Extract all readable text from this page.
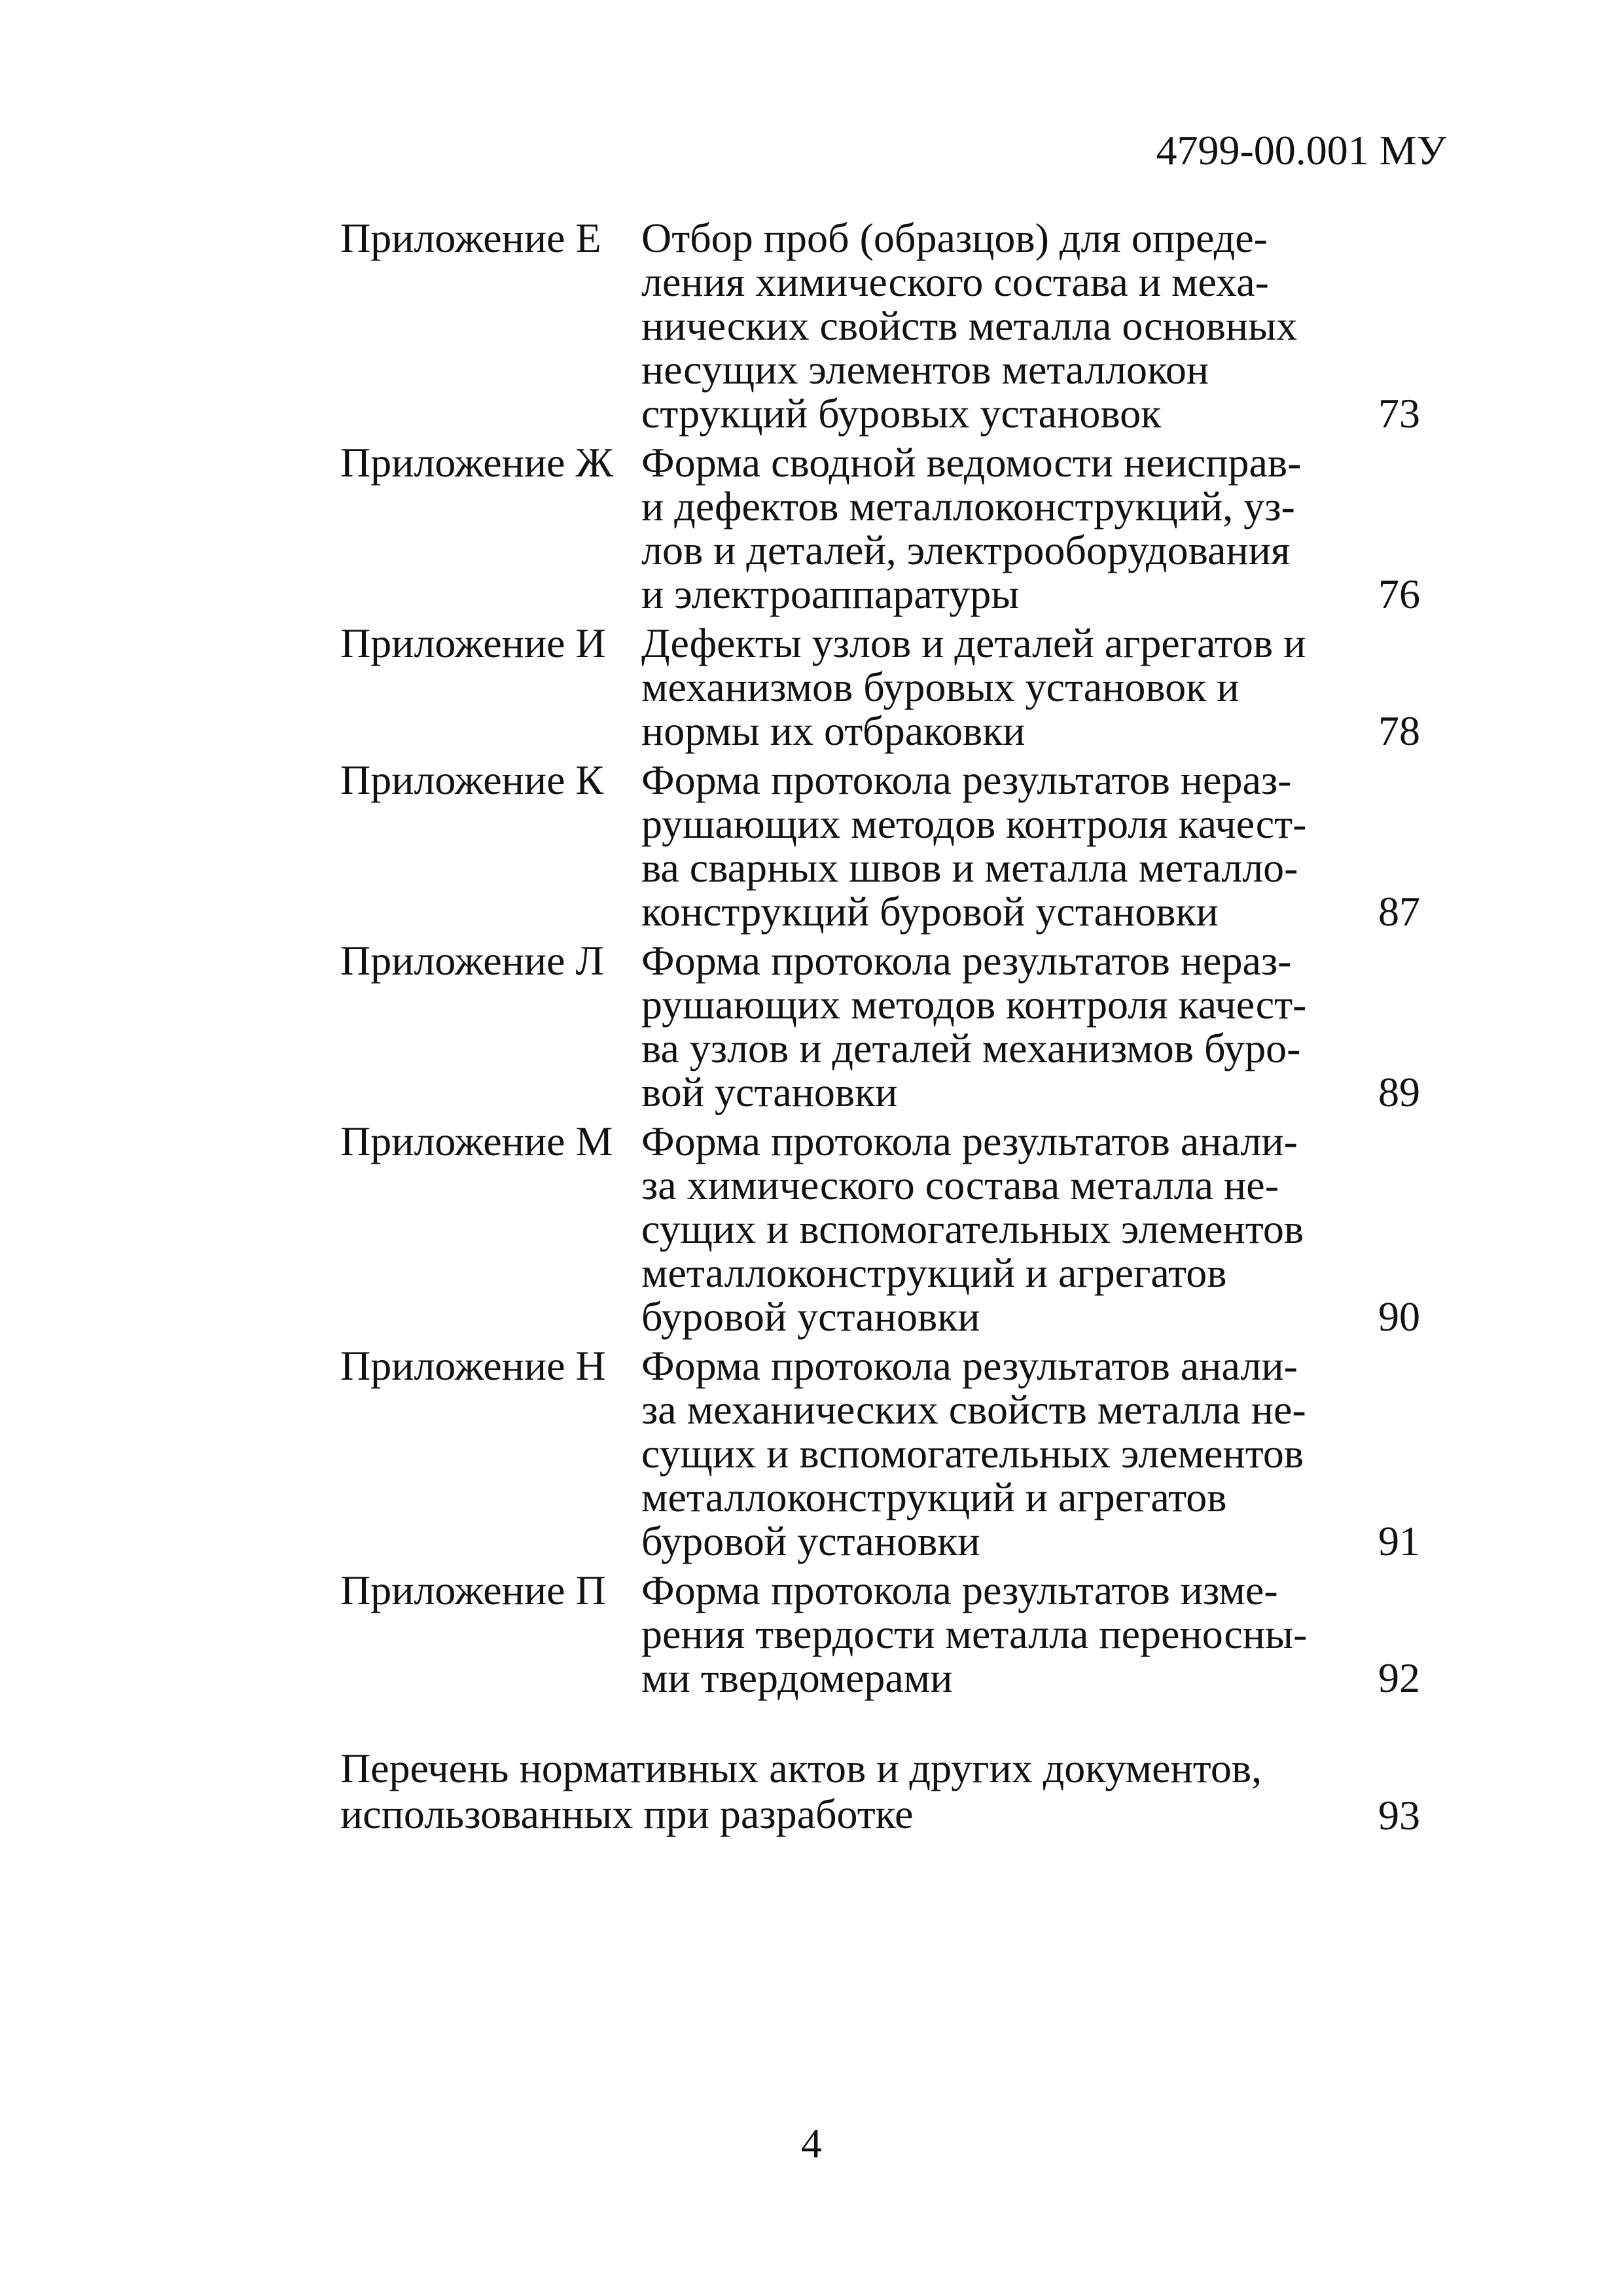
4799-00.001 МУ
Приложение Е Отбор проб (образцов) для опреде-
ления химического состава и меха-
нических свойств металла основных
несущих элементов металлокон
струкций буровых установок	73
Приложение Ж Форма сводной ведомости неисправ-
и дефектов металлоконструкций, уз-
лов и деталей, электрооборудования
и электроаппаратуры	76
Приложение И Дефекты узлов и деталей агрегатов и
механизмов буровых установок и
нормы их отбраковки	78
Приложение К Форма протокола результатов нераз-
рушающих методов контроля качест-
ва сварных швов и металла металло-
конструкций буровой установки	87
Приложение Л Форма протокола результатов нераз-
рушающих методов контроля качест-
ва узлов и деталей механизмов буро-
вой установки	89
Приложение М Форма протокола результатов анали-
за химического состава металла не-
сущих и вспомогательных элементов
металлоконструкций и агрегатов
буровой установки	90
Приложение Н Форма протокола результатов анали-
за механических свойств металла не-
сущих и вспомогательных элементов
металлоконструкций и агрегатов
буровой установки	91
Приложение П Форма протокола результатов изме-
рения твердости металла переносны-
ми твердомерами	92
Перечень нормативных актов и других документов,
использованных при разработке	93
4
